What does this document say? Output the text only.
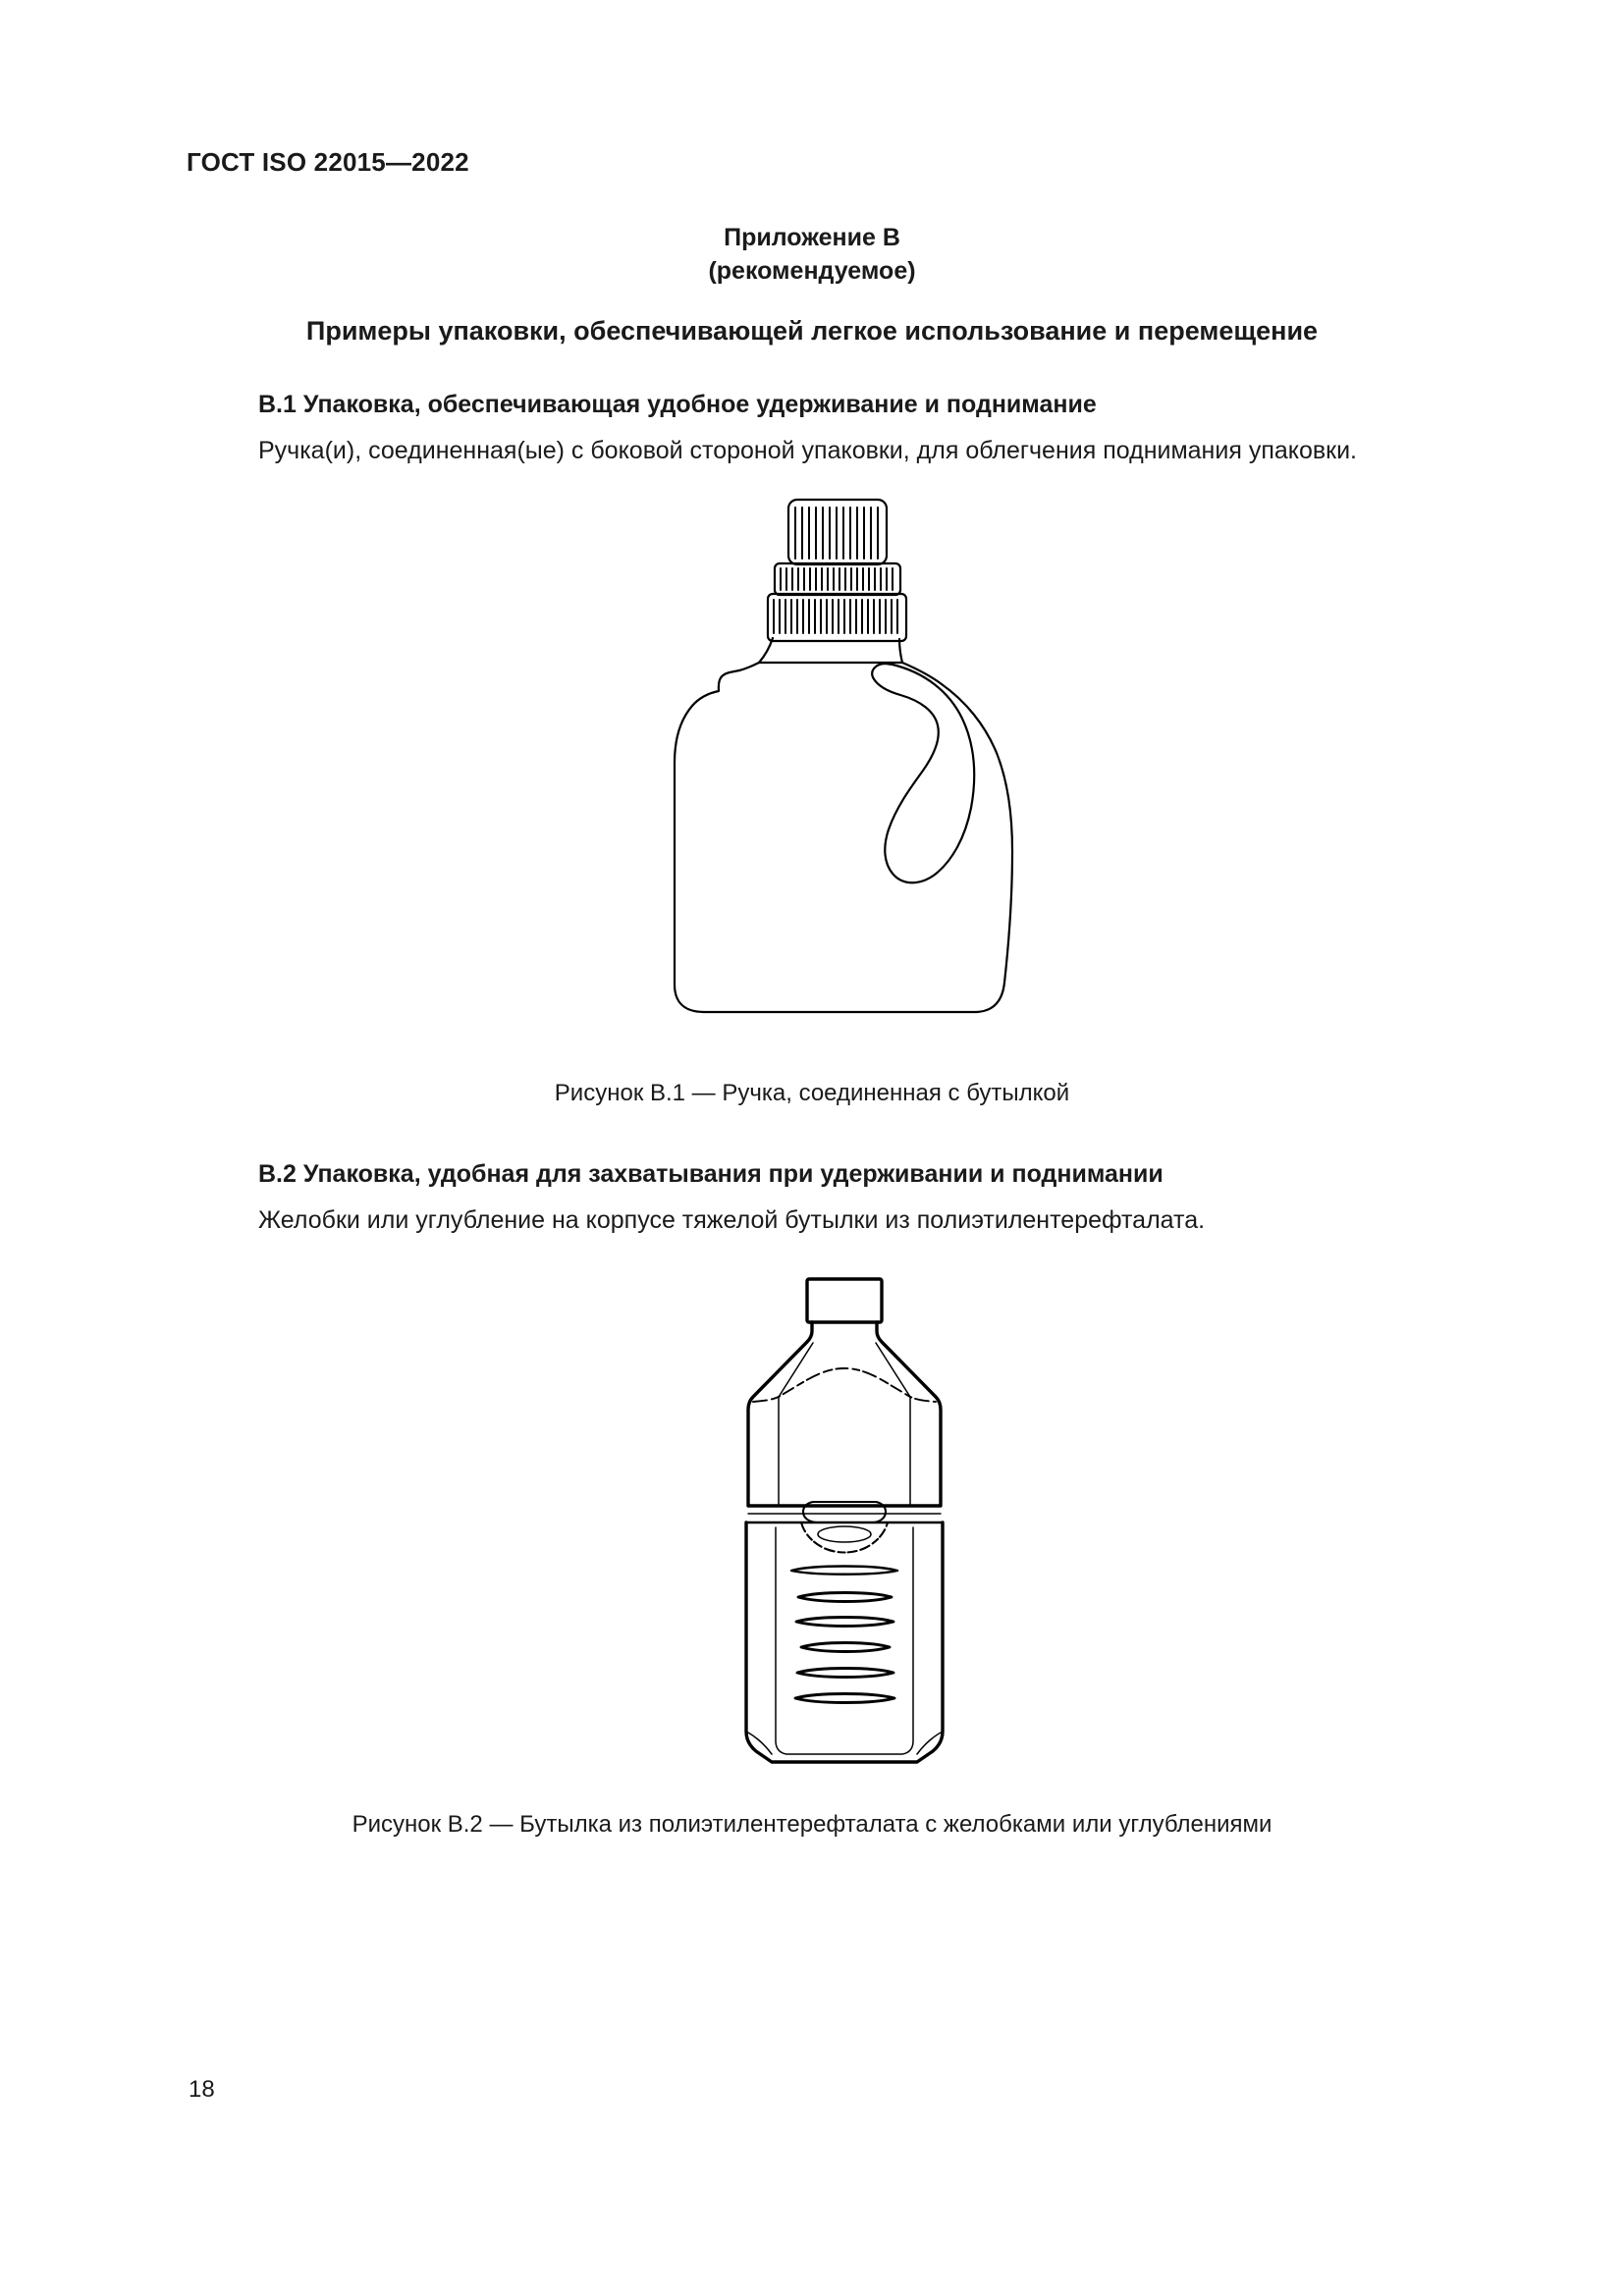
ГОСТ ISO 22015—2022
Приложение В
(рекомендуемое)
Примеры упаковки, обеспечивающей легкое использование и перемещение
В.1 Упаковка, обеспечивающая удобное удерживание и поднимание
Ручка(и), соединенная(ые) с боковой стороной упаковки, для облегчения поднимания упаковки.
Рисунок В.1 — Ручка, соединенная с бутылкой
В.2 Упаковка, удобная для захватывания при удерживании и поднимании
Желобки или углубление на корпусе тяжелой бутылки из полиэтилентерефталата.
Рисунок В.2 — Бутылка из полиэтилентерефталата с желобками или углублениями
18
